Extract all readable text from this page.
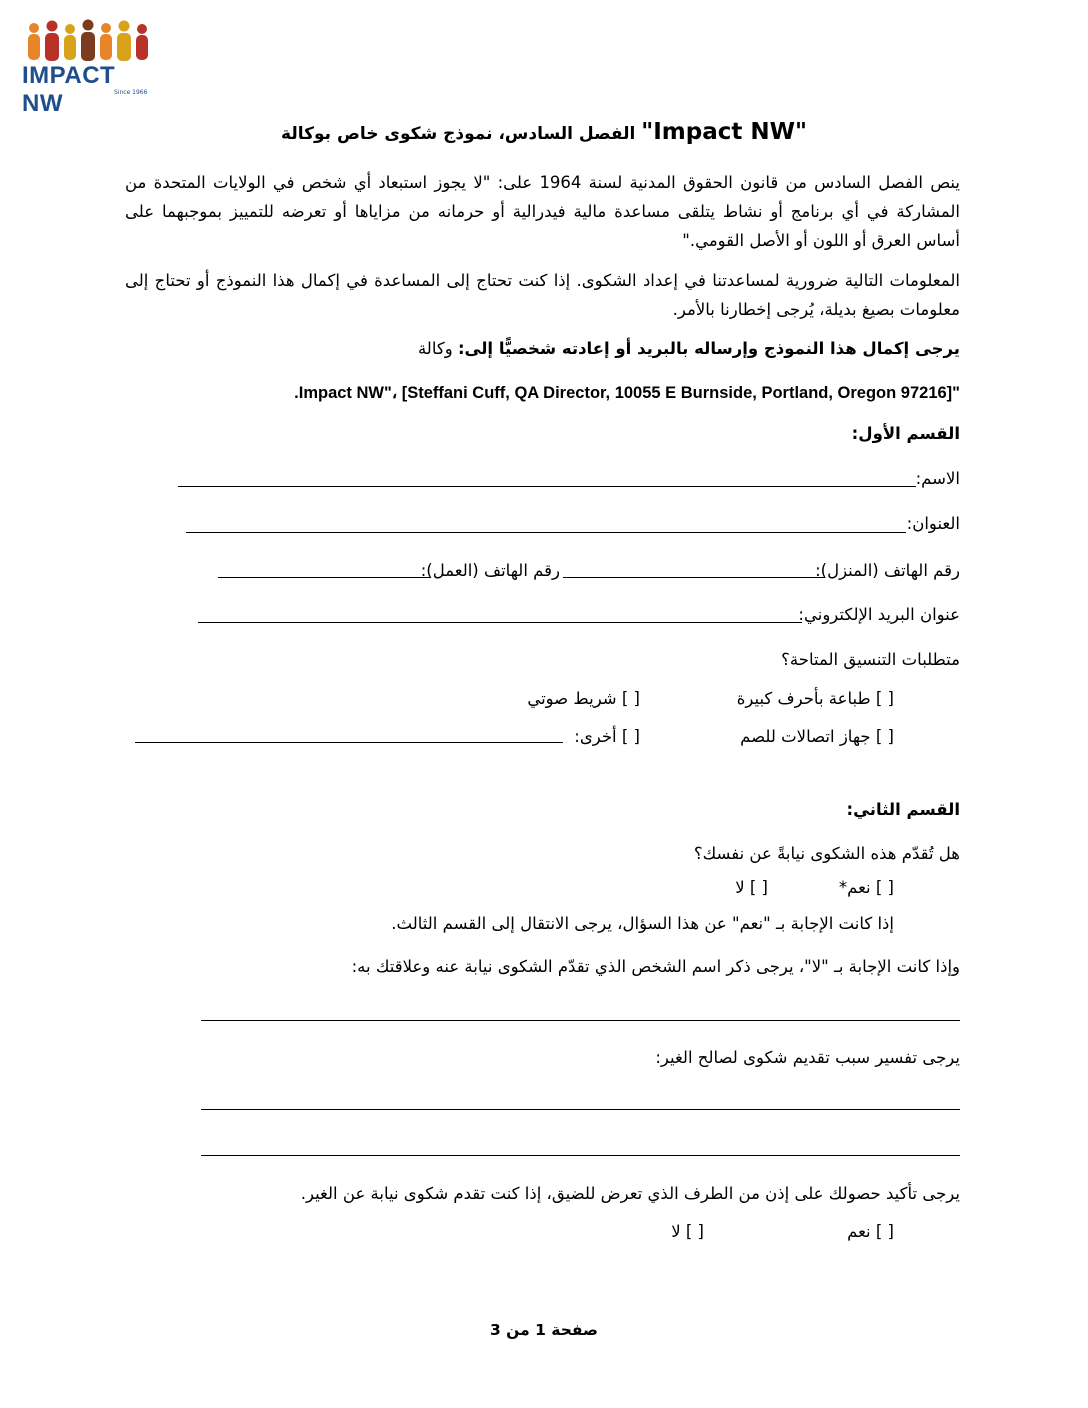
IMPACT NW	Since 1966
الفصل السادس، نموذج شكوى خاص بوكالة "Impact NW"
ينص الفصل السادس من قانون الحقوق المدنية لسنة 1964 على: "لا يجوز استبعاد أي شخص في الولايات المتحدة من المشاركة في أي برنامج أو نشاط يتلقى مساعدة مالية فيدرالية أو حرمانه من مزاياها أو تعرضه للتمييز بموجبهما على أساس العرق أو اللون أو الأصل القومي."
المعلومات التالية ضرورية لمساعدتنا في إعداد الشكوى. إذا كنت تحتاج إلى المساعدة في إكمال هذا النموذج أو تحتاج إلى معلومات بصيغ بديلة، يُرجى إخطارنا بالأمر.
يرجى إكمال هذا النموذج وإرساله بالبريد أو إعادته شخصيًّا إلى: وكالة
"Impact NW"، [Steffani Cuff, QA Director, 10055 E Burnside, Portland, Oregon 97216].
القسم الأول:
الاسم:
العنوان:
رقم الهاتف (المنزل):
رقم الهاتف (العمل):
عنوان البريد الإلكتروني:
متطلبات التنسيق المتاحة؟
[ ] طباعة بأحرف كبيرة
[ ] شريط صوتي
[ ] جهاز اتصالات للصم
[ ] أخرى:
القسم الثاني:
هل تُقدّم هذه الشكوى نيابةً عن نفسك؟
[ ] نعم*
[ ] لا
إذا كانت الإجابة بـ "نعم" عن هذا السؤال، يرجى الانتقال إلى القسم الثالث.
وإذا كانت الإجابة بـ "لا"، يرجى ذكر اسم الشخص الذي تقدّم الشكوى نيابة عنه وعلاقتك به:
يرجى تفسير سبب تقديم شكوى لصالح الغير:
يرجى تأكيد حصولك على إذن من الطرف الذي تعرض للضيق، إذا كنت تقدم شكوى نيابة عن الغير.
[ ] نعم
[ ] لا
صفحة 1 من 3
